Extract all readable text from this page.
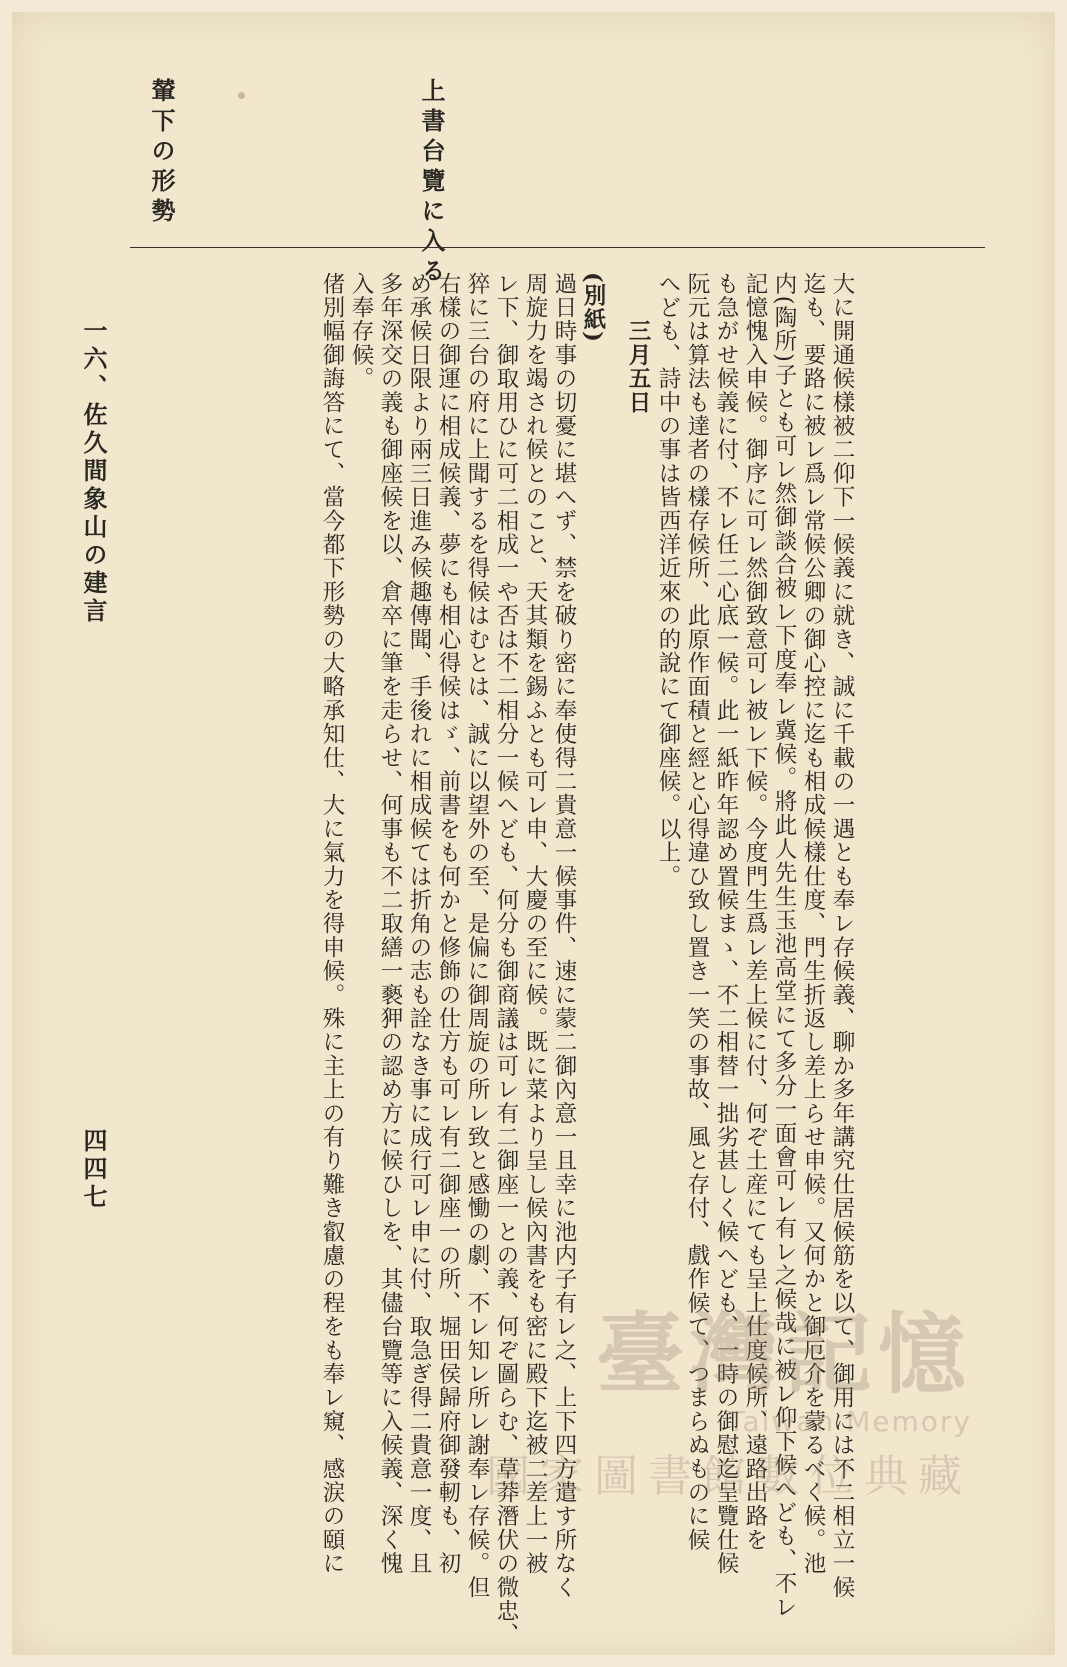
上書台覽に入る
輦下の形勢
大に開通候樣被二仰下一候義に就き、誠に千載の一遇とも奉レ存候義、聊か多年講究仕居候筋を以て、御用には不二相立一候
迄も、要路に被レ爲レ常候公卿の御心控に迄も相成候樣仕度、門生折返し差上らせ申候。又何かと御厄介を蒙るべく候。池
内(陶所)子とも可レ然御談合被レ下度奉レ冀候。將此人先生玉池高堂にて多分一面會可レ有レ之候哉に被レ仰下候へども、不レ
記憶愧入申候。御序に可レ然御致意可レ被レ下候。今度門生爲レ差上候に付、何ぞ土産にても呈上仕度候所、遠路出路を
も急がせ候義に付、不レ任二心底一候。此一紙昨年認め置候まゝ、不二相替一拙劣甚しく候へども、一時の御慰迄呈覽仕候
阮元は算法も達者の樣存候所、此原作面積と經と心得違ひ致し置き一笑の事故、風と存付、戲作候て、つまらぬものに候
へども、詩中の事は皆西洋近來の的說にて御座候。以上。
　　三月五日
(別紙)
過日時事の切憂に堪へず、禁を破り密に奉使得二貴意一候事件、速に蒙二御內意一且幸に池内子有レ之、上下四方遣す所なく
周旋力を竭され候とのこと、天其類を錫ふとも可レ申、大慶の至に候。既に菜より呈し候內書をも密に殿下迄被二差上一被
レ下、御取用ひに可二相成一や否は不二相分一候へども、何分も御商議は可レ有二御座一との義、何ぞ圖らむ、草莽潛伏の微忠、
猝に三台の府に上聞するを得候はむとは、誠に以望外の至、是偏に御周旋の所レ致と感慟の劇、不レ知レ所レ謝奉レ存候。但
右樣の御運に相成候義、夢にも相心得候はゞ、前書をも何かと修飾の仕方も可レ有二御座一の所、堀田侯歸府御發軔も、初
め承候日限より兩三日進み候趣傳聞、手後れに相成候ては折角の志も詮なき事に成行可レ申に付、取急ぎ得二貴意一度、且
多年深交の義も御座候を以、倉卒に筆を走らせ、何事も不二取繕一褻狎の認め方に候ひしを、其儘台覽等に入候義、深く愧
入奉存候。
偖別幅御誨答にて、當今都下形勢の大略承知仕、大に氣力を得申候。殊に主上の有り難き叡慮の程をも奉レ窺、感涙の頤に
一六、佐久間象山の建言
四四七
臺灣記憶
Taiwan Memory
國家圖書館數位典藏
